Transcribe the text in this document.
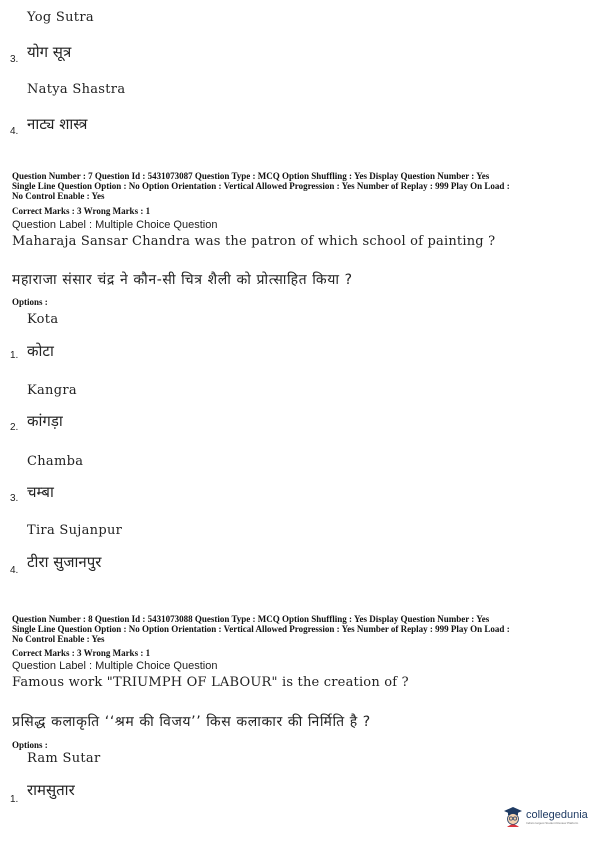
Yog Sutra
3. योग सूत्र
Natya Shastra
4. नाट्य शास्त्र
Question Number : 7 Question Id : 5431073087 Question Type : MCQ Option Shuffling : Yes Display Question Number : Yes
Single Line Question Option : No Option Orientation : Vertical Allowed Progression : Yes Number of Replay : 999 Play On Load :
No Control Enable : Yes
Correct Marks : 3 Wrong Marks : 1
Question Label : Multiple Choice Question
Maharaja Sansar Chandra was the patron of which school of painting ?
महाराजा संसार चंद्र ने कौन-सी चित्र शैली को प्रोत्साहित किया ?
Options :
Kota
1. कोटा
Kangra
2. कांगड़ा
Chamba
3. चम्बा
Tira Sujanpur
4. टीरा सुजानपुर
Question Number : 8 Question Id : 5431073088 Question Type : MCQ Option Shuffling : Yes Display Question Number : Yes
Single Line Question Option : No Option Orientation : Vertical Allowed Progression : Yes Number of Replay : 999 Play On Load :
No Control Enable : Yes
Correct Marks : 3 Wrong Marks : 1
Question Label : Multiple Choice Question
Famous work "TRIUMPH OF LABOUR" is the creation of ?
प्रसिद्ध कलाकृति ‘‘श्रम की विजय’’ किस कलाकार की निर्मिति है ?
Options :
Ram Sutar
1.
रामसुतार
collegedunia
India's largest Student Review Platform
